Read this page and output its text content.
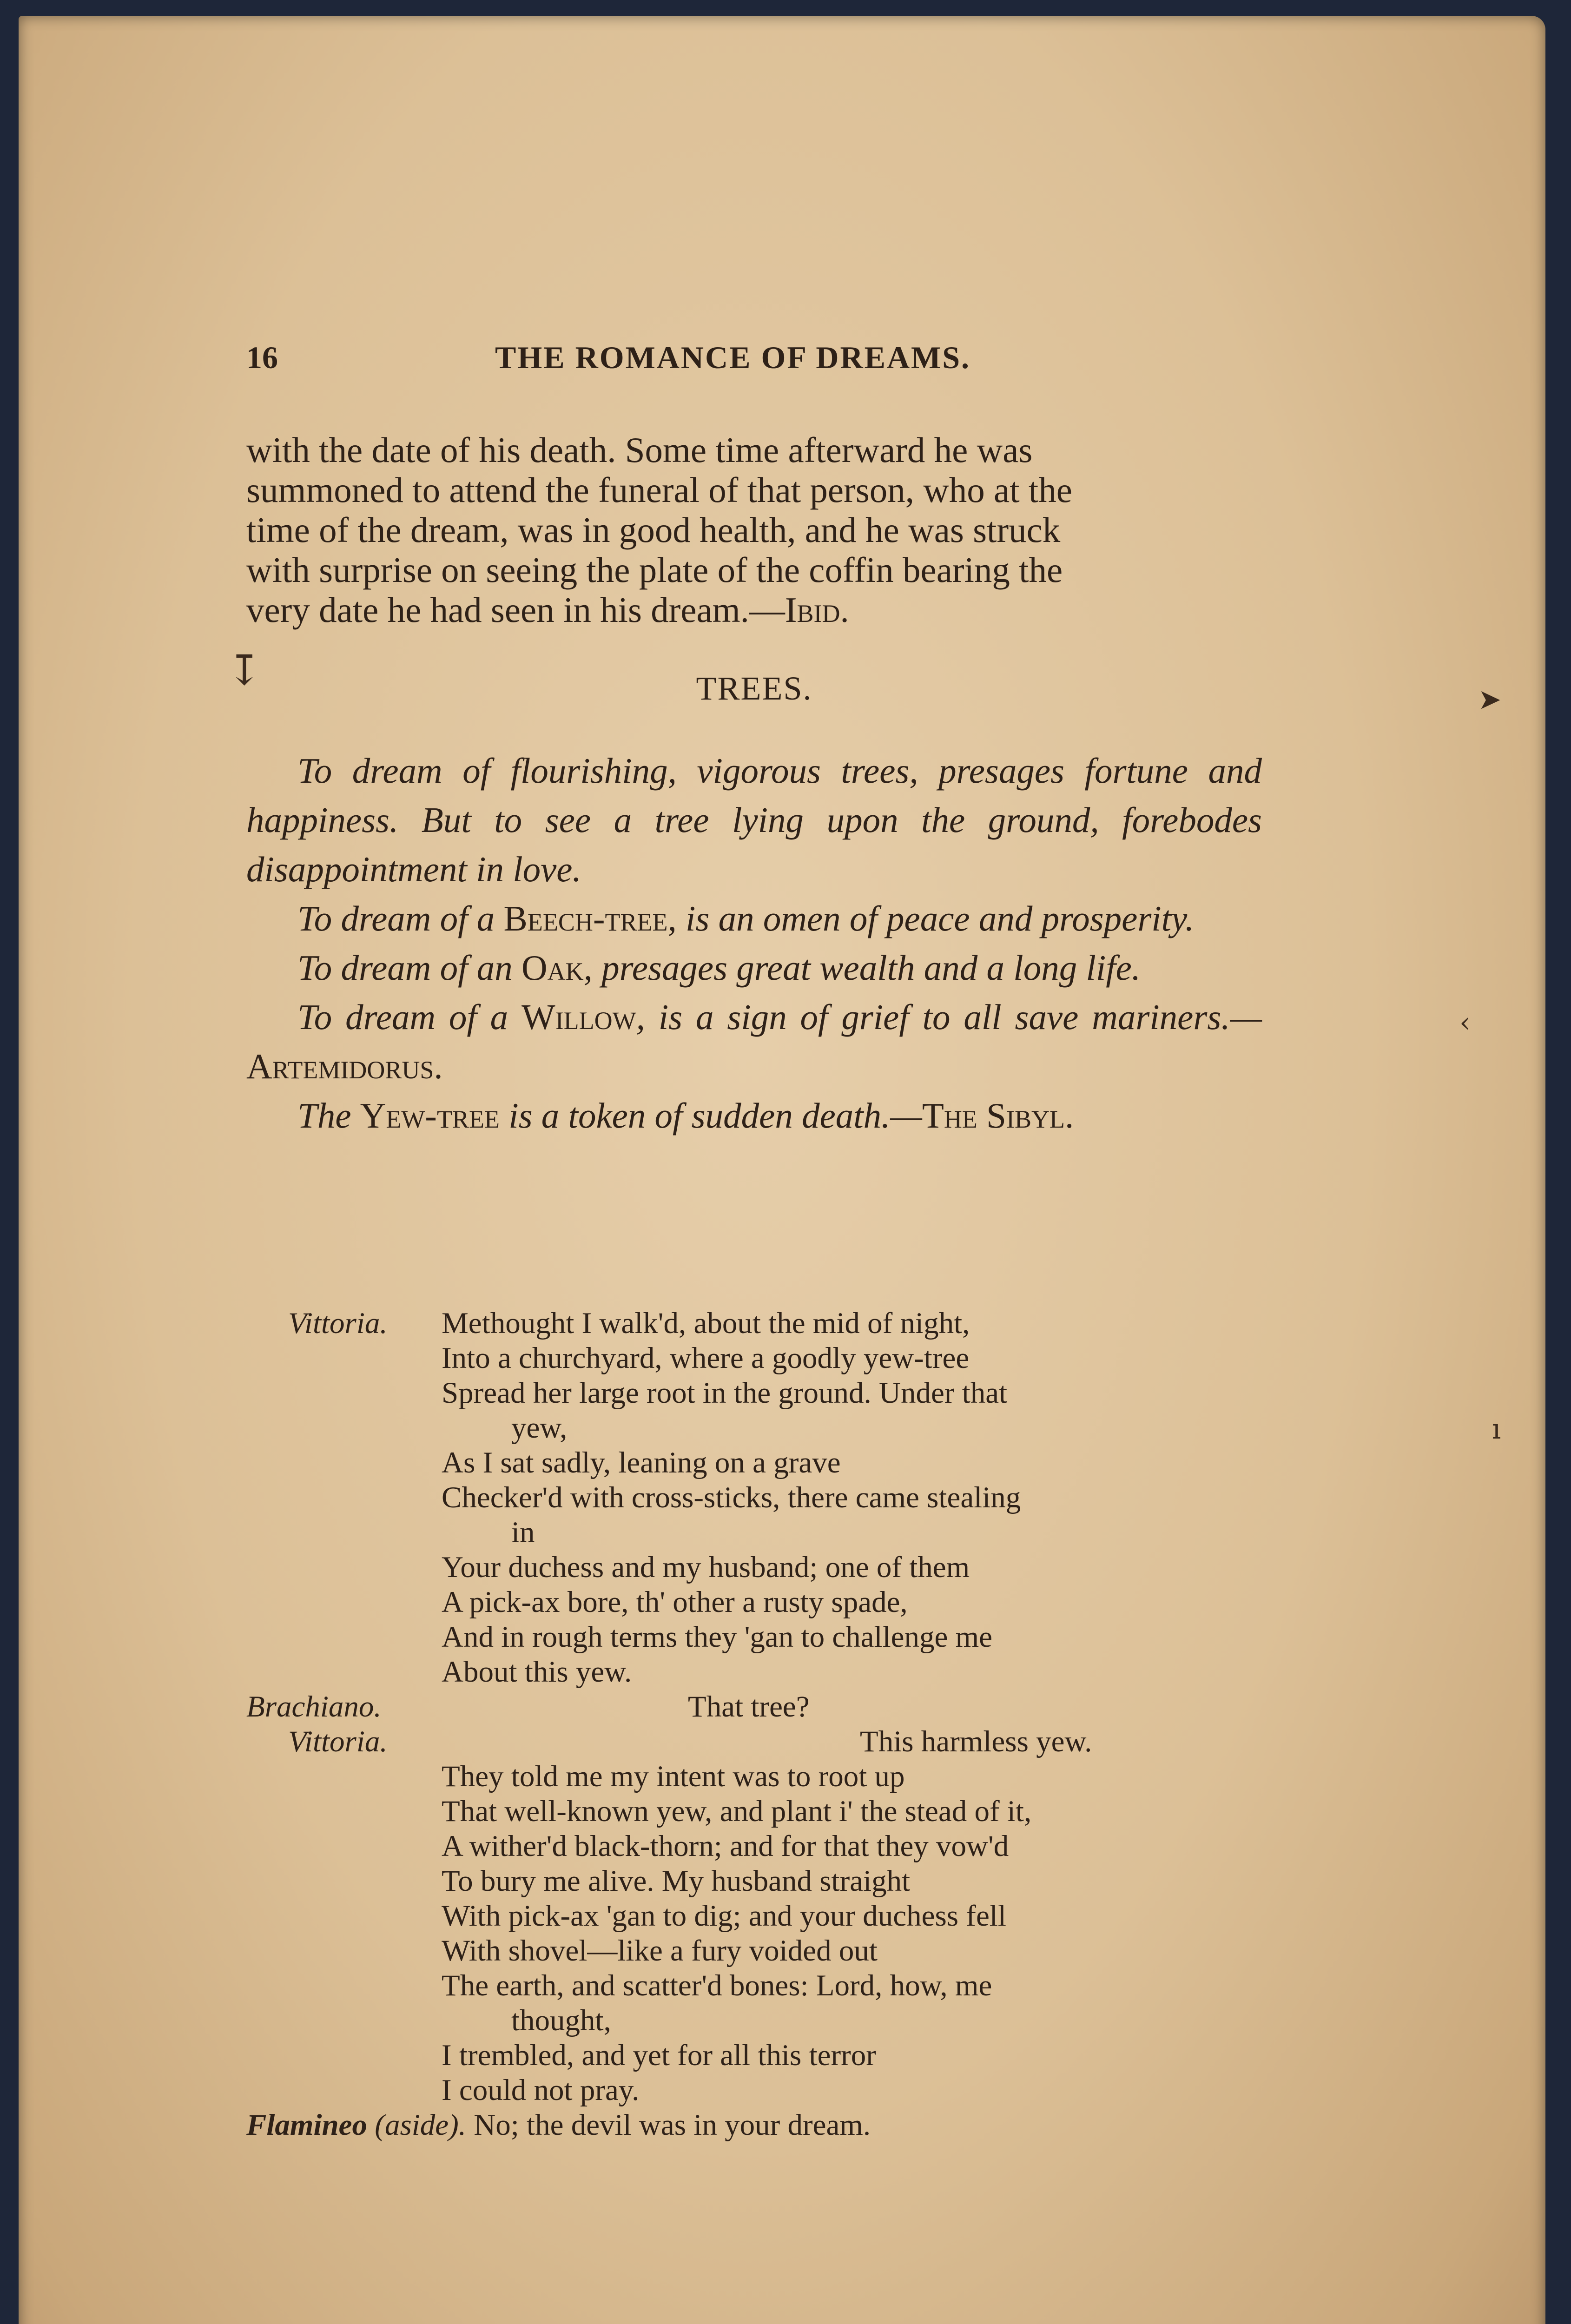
↧
➤
‹
ı
16	THE ROMANCE OF DREAMS.
with the date of his death. Some time afterward he was
summoned to attend the funeral of that person, who at the
time of the dream, was in good health, and he was struck
with surprise on seeing the plate of the coffin bearing the
very date he had seen in his dream.—Ibid.
TREES.

To dream of flourishing, vigorous trees, presages fortune and happiness. But to see a tree lying upon the ground, forebodes disappointment in love.

To dream of a Beech-tree, is an omen of peace and prosperity.

To dream of an Oak, presages great wealth and a long life.

To dream of a Willow, is a sign of grief to all save mariners.—Artemidorus.

The Yew-tree is a token of sudden death.—The Sibyl.

Vittoria. Methought I walk'd, about the mid of night,
Into a churchyard, where a goodly yew-tree
Spread her large root in the ground. Under that
yew,
As I sat sadly, leaning on a grave
Checker'd with cross-sticks, there came stealing
in
Your duchess and my husband; one of them
A pick-ax bore, th' other a rusty spade,
And in rough terms they 'gan to challenge me
About this yew.
Brachiano.	That tree?
Vittoria.	This harmless yew.
They told me my intent was to root up
That well-known yew, and plant i' the stead of it,
A wither'd black-thorn; and for that they vow'd
To bury me alive. My husband straight
With pick-ax 'gan to dig; and your duchess fell
With shovel—like a fury voided out
The earth, and scatter'd bones: Lord, how, me
thought,
I trembled, and yet for all this terror
I could not pray.
Flamineo (aside). No; the devil was in your dream.
